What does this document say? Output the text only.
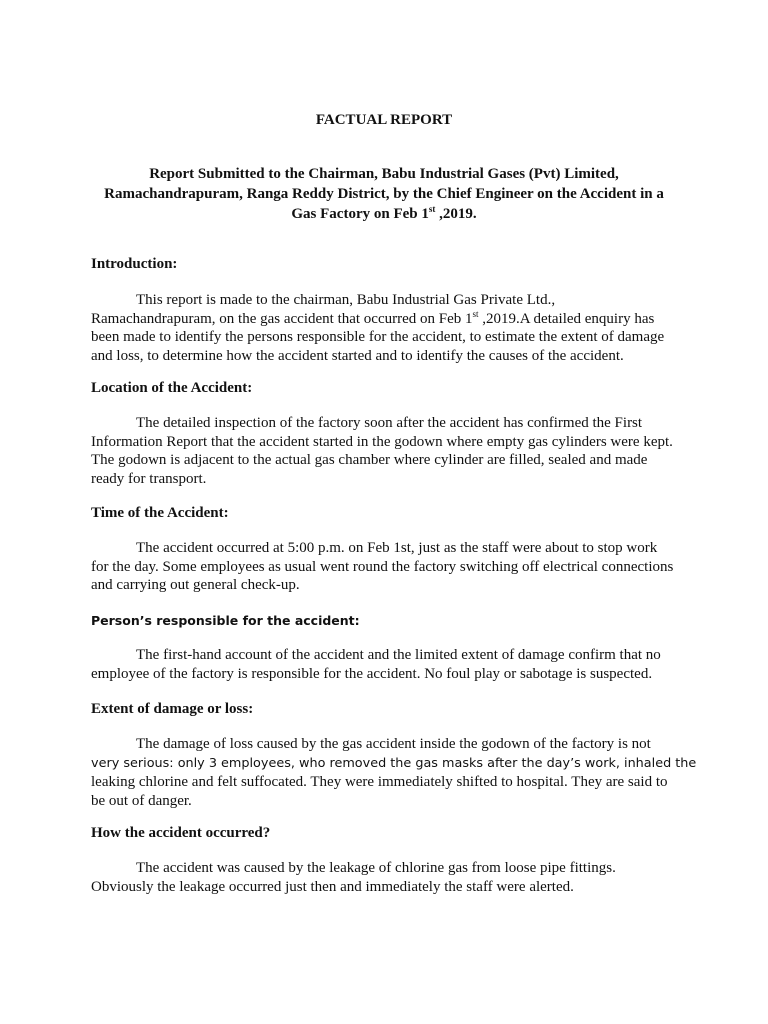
FACTUAL REPORT
Report Submitted to the Chairman, Babu Industrial Gases (Pvt) Limited,
Ramachandrapuram, Ranga Reddy District, by the Chief Engineer on the Accident in a
Gas Factory on Feb 1st ,2019.

Introduction:

This report is made to the chairman, Babu Industrial Gas Private Ltd.,
Ramachandrapuram, on the gas accident that occurred on Feb 1st ,2019.A detailed enquiry has
been made to identify the persons responsible for the accident, to estimate the extent of damage
and loss, to determine how the accident started and to identify the causes of the accident.

Location of the Accident:

The detailed inspection of the factory soon after the accident has confirmed the First
Information Report that the accident started in the godown where empty gas cylinders were kept.
The godown is adjacent to the actual gas chamber where cylinder are filled, sealed and made
ready for transport.

Time of the Accident:

The accident occurred at 5:00 p.m. on Feb 1st, just as the staff were about to stop work
for the day. Some employees as usual went round the factory switching off electrical connections
and carrying out general check-up.

Person’s responsible for the accident:

The first-hand account of the accident and the limited extent of damage confirm that no
employee of the factory is responsible for the accident. No foul play or sabotage is suspected.

Extent of damage or loss:

The damage of loss caused by the gas accident inside the godown of the factory is not
very serious: only 3 employees, who removed the gas masks after the day’s work, inhaled the
leaking chlorine and felt suffocated. They were immediately shifted to hospital. They are said to
be out of danger.

How the accident occurred?

The accident was caused by the leakage of chlorine gas from loose pipe fittings.
Obviously the leakage occurred just then and immediately the staff were alerted.
